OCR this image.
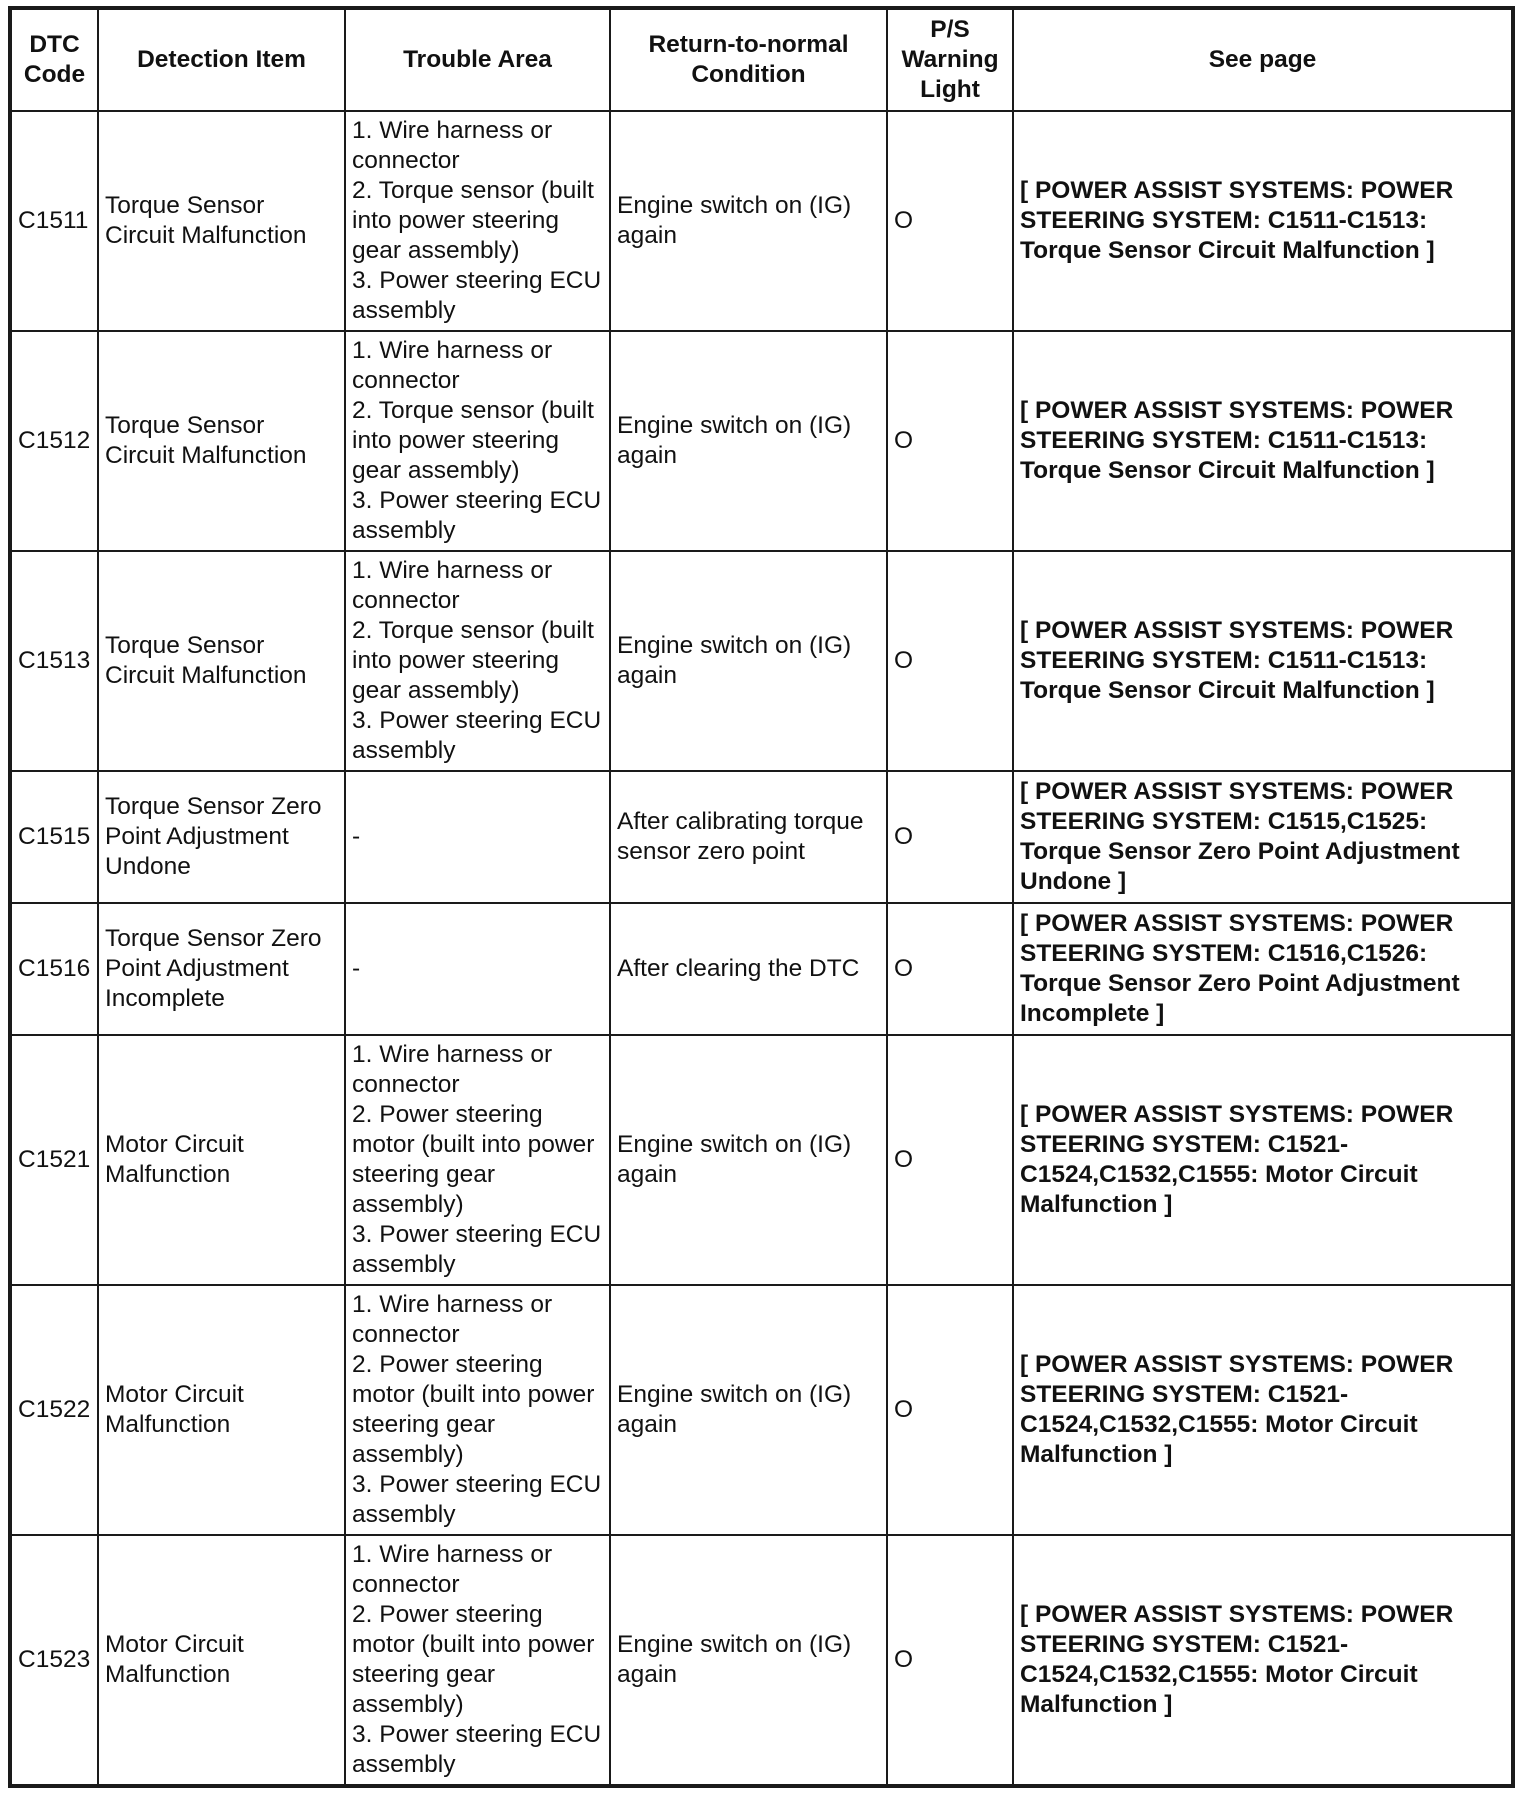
DTC Code	Detection Item	Trouble Area	Return-to-normal Condition	P/S Warning Light	See page
C1511	Torque Sensor Circuit Malfunction	1. Wire harness or connector
2. Torque sensor (built into power steering gear assembly)
3. Power steering ECU assembly	Engine switch on (IG) again	O	[ POWER ASSIST SYSTEMS: POWER STEERING SYSTEM: C1511-C1513: Torque Sensor Circuit Malfunction ]
C1512	Torque Sensor Circuit Malfunction	1. Wire harness or connector
2. Torque sensor (built into power steering gear assembly)
3. Power steering ECU assembly	Engine switch on (IG) again	O	[ POWER ASSIST SYSTEMS: POWER STEERING SYSTEM: C1511-C1513: Torque Sensor Circuit Malfunction ]
C1513	Torque Sensor Circuit Malfunction	1. Wire harness or connector
2. Torque sensor (built into power steering gear assembly)
3. Power steering ECU assembly	Engine switch on (IG) again	O	[ POWER ASSIST SYSTEMS: POWER STEERING SYSTEM: C1511-C1513: Torque Sensor Circuit Malfunction ]
C1515	Torque Sensor Zero Point Adjustment Undone	-	After calibrating torque sensor zero point	O	[ POWER ASSIST SYSTEMS: POWER STEERING SYSTEM: C1515,C1525: Torque Sensor Zero Point Adjustment Undone ]
C1516	Torque Sensor Zero Point Adjustment Incomplete	-	After clearing the DTC	O	[ POWER ASSIST SYSTEMS: POWER STEERING SYSTEM: C1516,C1526: Torque Sensor Zero Point Adjustment Incomplete ]
C1521	Motor Circuit Malfunction	1. Wire harness or connector
2. Power steering motor (built into power steering gear assembly)
3. Power steering ECU assembly	Engine switch on (IG) again	O	[ POWER ASSIST SYSTEMS: POWER STEERING SYSTEM: C1521-C1524,C1532,C1555: Motor Circuit Malfunction ]
C1522	Motor Circuit Malfunction	1. Wire harness or connector
2. Power steering motor (built into power steering gear assembly)
3. Power steering ECU assembly	Engine switch on (IG) again	O	[ POWER ASSIST SYSTEMS: POWER STEERING SYSTEM: C1521-C1524,C1532,C1555: Motor Circuit Malfunction ]
C1523	Motor Circuit Malfunction	1. Wire harness or connector
2. Power steering motor (built into power steering gear assembly)
3. Power steering ECU assembly	Engine switch on (IG) again	O	[ POWER ASSIST SYSTEMS: POWER STEERING SYSTEM: C1521-C1524,C1532,C1555: Motor Circuit Malfunction ]
